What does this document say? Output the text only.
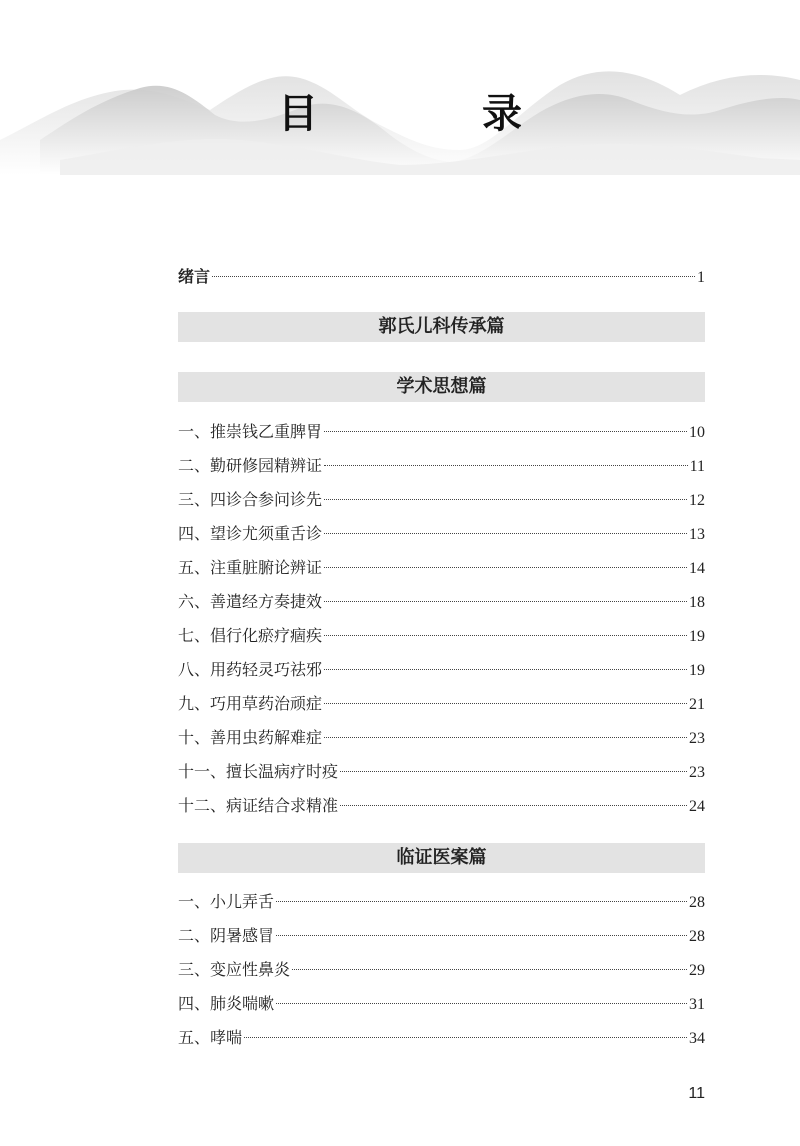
目　录
绪言	1
郭氏儿科传承篇
学术思想篇
一、推崇钱乙重脾胃	10
二、勤研修园精辨证	11
三、四诊合参问诊先	12
四、望诊尤须重舌诊	13
五、注重脏腑论辨证	14
六、善遣经方奏捷效	18
七、倡行化瘀疗痼疾	19
八、用药轻灵巧祛邪	19
九、巧用草药治顽症	21
十、善用虫药解难症	23
十一、擅长温病疗时疫	23
十二、病证结合求精准	24
临证医案篇
一、小儿弄舌	28
二、阴暑感冒	28
三、变应性鼻炎	29
四、肺炎喘嗽	31
五、哮喘	34
11
